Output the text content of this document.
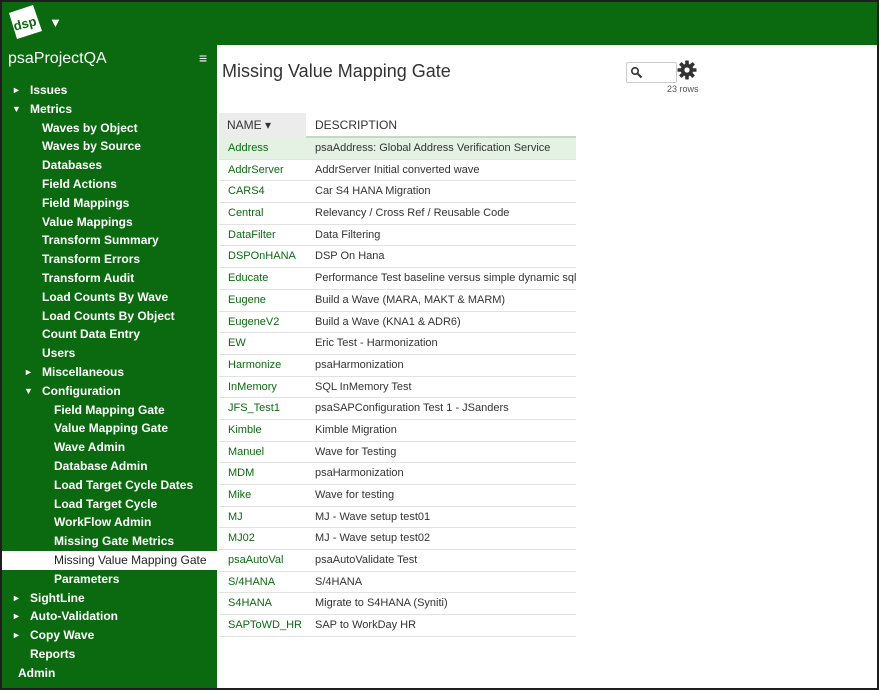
dsp ▼
psaProjectQA	≡
► Issues
▼ Metrics
Waves by Object
Waves by Source
Databases
Field Actions
Field Mappings
Value Mappings
Transform Summary
Transform Errors
Transform Audit
Load Counts By Wave
Load Counts By Object
Count Data Entry
Users
► Miscellaneous
▼ Configuration
Field Mapping Gate
Value Mapping Gate
Wave Admin
Database Admin
Load Target Cycle Dates
Load Target Cycle
WorkFlow Admin
Missing Gate Metrics
Missing Value Mapping Gate
Parameters
► SightLine
► Auto-Validation
► Copy Wave
Reports
Admin
Missing Value Mapping Gate
23 rows
NAME ▾	DESCRIPTION
Address	psaAddress: Global Address Verification Service
AddrServer	AddrServer Initial converted wave
CARS4	Car S4 HANA Migration
Central	Relevancy / Cross Ref / Reusable Code
DataFilter	Data Filtering
DSPOnHANA DSP On Hana
Educate	Performance Test baseline versus simple dynamic sql
Eugene	Build a Wave (MARA, MAKT & MARM)
EugeneV2	Build a Wave (KNA1 & ADR6)
EW	Eric Test - Harmonization
Harmonize	psaHarmonization
InMemory	SQL InMemory Test
JFS_Test1	psaSAPConfiguration Test 1 - JSanders
Kimble	Kimble Migration
Manuel	Wave for Testing
MDM	psaHarmonization
Mike	Wave for testing
MJ	MJ - Wave setup test01
MJ02	MJ - Wave setup test02
psaAutoVal	psaAutoValidate Test
S/4HANA	S/4HANA
S4HANA	Migrate to S4HANA (Syniti)
SAPToWD_HR SAP to WorkDay HR
